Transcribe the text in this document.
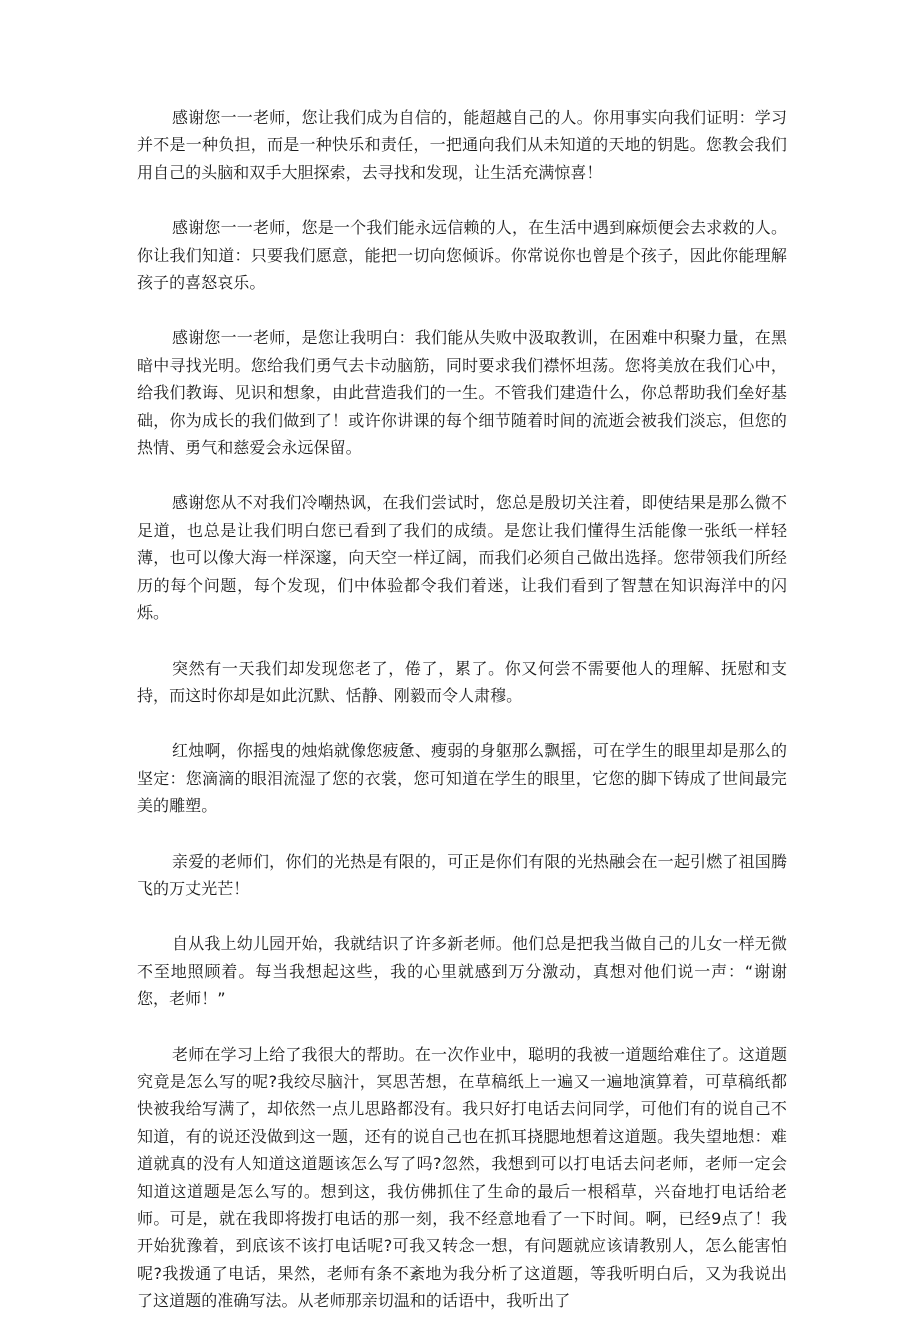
感谢您一一老师，您让我们成为自信的，能超越自己的人。你用事实向我们证明：学习并不是一种负担，而是一种快乐和责任，一把通向我们从未知道的天地的钥匙。您教会我们用自己的头脑和双手大胆探索，去寻找和发现，让生活充满惊喜！

感谢您一一老师，您是一个我们能永远信赖的人，在生活中遇到麻烦便会去求救的人。你让我们知道：只要我们愿意，能把一切向您倾诉。你常说你也曾是个孩子，因此你能理解孩子的喜怒哀乐。

感谢您一一老师，是您让我明白：我们能从失败中汲取教训，在困难中积聚力量，在黑暗中寻找光明。您给我们勇气去卡动脑筋，同时要求我们襟怀坦荡。您将美放在我们心中，给我们教诲、见识和想象，由此营造我们的一生。不管我们建造什么，你总帮助我们垒好基础，你为成长的我们做到了！或许你讲课的每个细节随着时间的流逝会被我们淡忘，但您的热情、勇气和慈爱会永远保留。

感谢您从不对我们冷嘲热讽，在我们尝试时，您总是殷切关注着，即使结果是那么微不足道，也总是让我们明白您已看到了我们的成绩。是您让我们懂得生活能像一张纸一样轻薄，也可以像大海一样深邃，向天空一样辽阔，而我们必须自己做出选择。您带领我们所经历的每个问题，每个发现，们中体验都令我们着迷，让我们看到了智慧在知识海洋中的闪烁。

突然有一天我们却发现您老了，倦了，累了。你又何尝不需要他人的理解、抚慰和支持，而这时你却是如此沉默、恬静、刚毅而令人肃穆。

红烛啊，你摇曳的烛焰就像您疲惫、瘦弱的身躯那么飘摇，可在学生的眼里却是那么的坚定：您滴滴的眼泪流湿了您的衣裳，您可知道在学生的眼里，它您的脚下铸成了世间最完美的雕塑。

亲爱的老师们，你们的光热是有限的，可正是你们有限的光热融会在一起引燃了祖国腾飞的万丈光芒！

自从我上幼儿园开始，我就结识了许多新老师。他们总是把我当做自己的儿女一样无微不至地照顾着。每当我想起这些，我的心里就感到万分激动，真想对他们说一声：“谢谢您，老师！”

老师在学习上给了我很大的帮助。在一次作业中，聪明的我被一道题给难住了。这道题究竟是怎么写的呢?我绞尽脑汁，冥思苦想，在草稿纸上一遍又一遍地演算着，可草稿纸都快被我给写满了，却依然一点儿思路都没有。我只好打电话去问同学，可他们有的说自己不知道，有的说还没做到这一题，还有的说自己也在抓耳挠腮地想着这道题。我失望地想：难道就真的没有人知道这道题该怎么写了吗?忽然，我想到可以打电话去问老师，老师一定会知道这道题是怎么写的。想到这，我仿佛抓住了生命的最后一根稻草，兴奋地打电话给老师。可是，就在我即将拨打电话的那一刻，我不经意地看了一下时间。啊，已经9点了！我开始犹豫着，到底该不该打电话呢?可我又转念一想，有问题就应该请教别人，怎么能害怕呢?我拨通了电话，果然，老师有条不紊地为我分析了这道题，等我听明白后，又为我说出了这道题的准确写法。从老师那亲切温和的话语中，我听出了
